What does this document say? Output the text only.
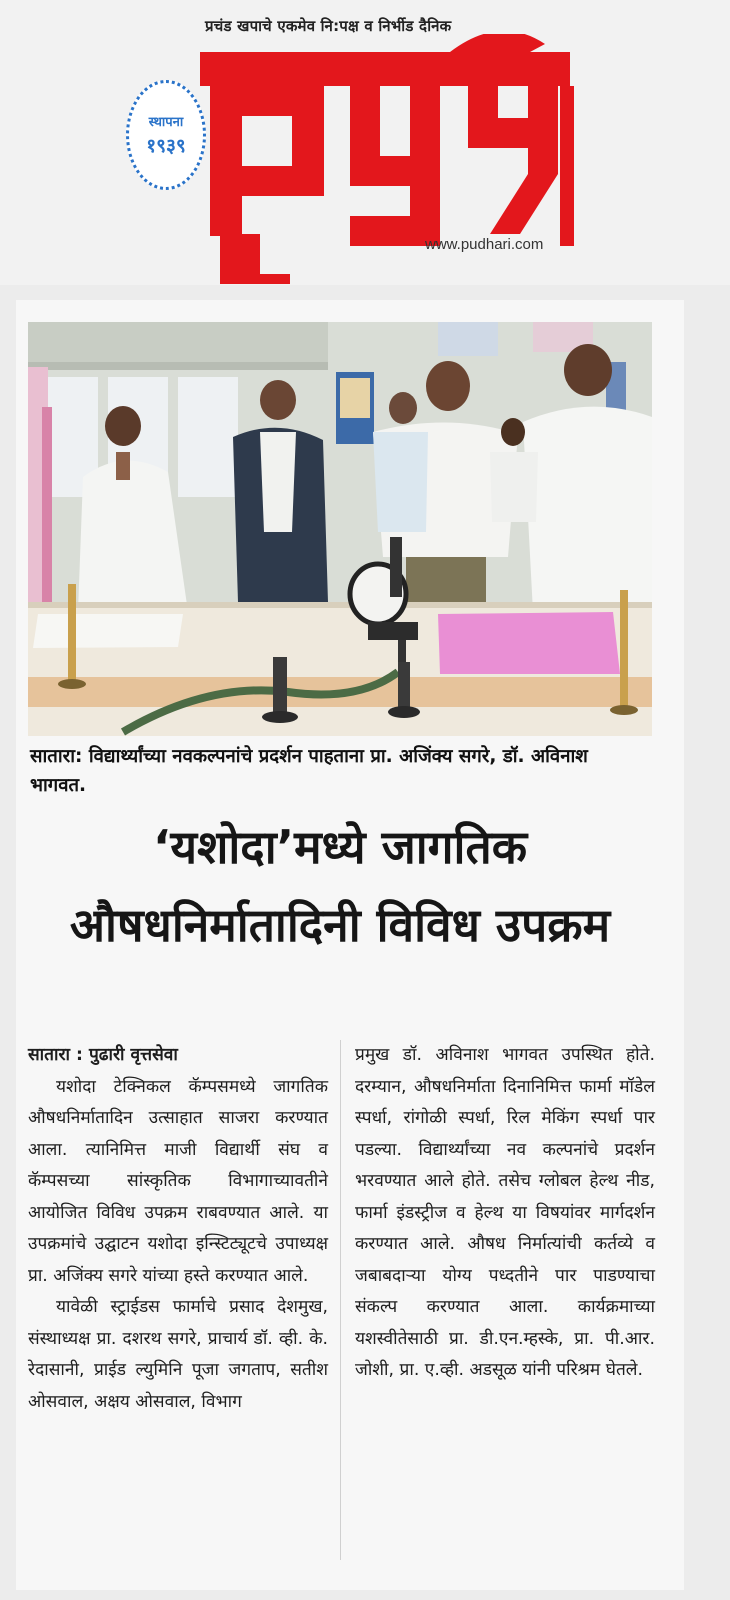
प्रचंड खपाचे एकमेव नि:पक्ष व निर्भीड दैनिक
स्थापना
१९३९
www.pudhari.com
सातारा: विद्यार्थ्यांच्या नवकल्पनांचे प्रदर्शन पाहताना प्रा. अजिंक्य सगरे, डॉ. अविनाश भागवत.
‘यशोदा’मध्ये जागतिक
औषधनिर्मातादिनी विविध उपक्रम

सातारा : पुढारी वृत्तसेवा

यशोदा टेक्निकल कॅम्पसमध्ये जागतिक औषधनिर्मातादिन उत्साहात साजरा करण्यात आला. त्यानिमित्त माजी विद्यार्थी संघ व कॅम्पसच्या सांस्कृतिक विभागाच्यावतीने आयोजित विविध उपक्रम राबवण्यात आले. या उपक्रमांचे उद्घाटन यशोदा इन्स्टिट्यूटचे उपाध्यक्ष प्रा. अजिंक्य सगरे यांच्या हस्ते करण्यात आले.

यावेळी स्ट्राईडस फार्माचे प्रसाद देशमुख, संस्थाध्यक्ष प्रा. दशरथ सगरे, प्राचार्य डॉ. व्ही. के. रेदासानी, प्राईड ल्युमिनि पूजा जगताप, सतीश ओसवाल, अक्षय ओसवाल, विभाग

प्रमुख डॉ. अविनाश भागवत उपस्थित होते. दरम्यान, औषधनिर्माता दिनानिमित्त फार्मा मॉडेल स्पर्धा, रांगोळी स्पर्धा, रिल मेकिंग स्पर्धा पार पडल्या. विद्यार्थ्यांच्या नव कल्पनांचे प्रदर्शन भरवण्यात आले होते. तसेच ग्लोबल हेल्थ नीड, फार्मा इंडस्ट्रीज व हेल्थ या विषयांवर मार्गदर्शन करण्यात आले. औषध निर्मात्यांची कर्तव्ये व जबाबदाऱ्या योग्य पध्दतीने पार पाडण्याचा संकल्प करण्यात आला. कार्यक्रमाच्या यशस्वीतेसाठी प्रा. डी.एन.म्हस्के, प्रा. पी.आर. जोशी, प्रा. ए.व्ही. अडसूळ यांनी परिश्रम घेतले.
